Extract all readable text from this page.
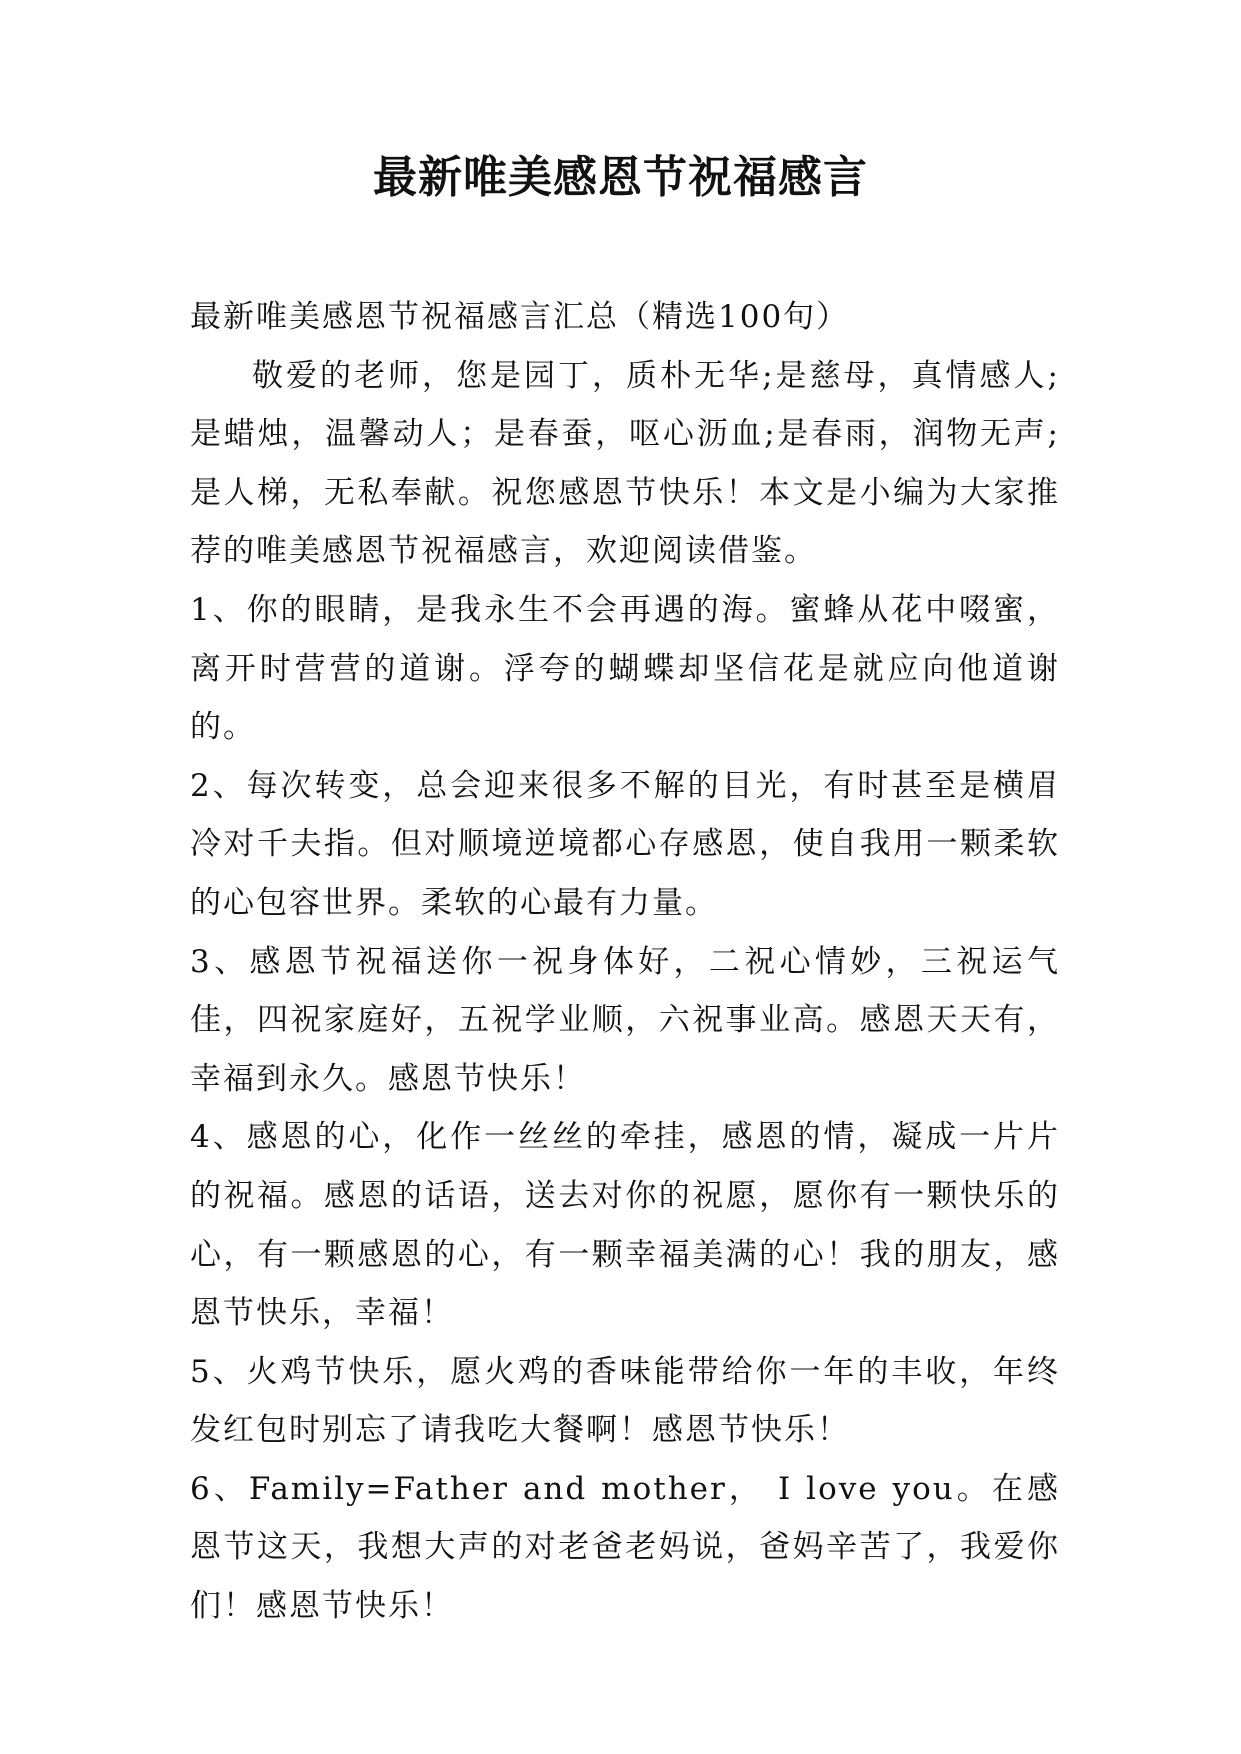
最新唯美感恩节祝福感言

最新唯美感恩节祝福感言汇总（精选100句）

敬爱的老师，您是园丁，质朴无华;是慈母，真情感人;是蜡烛，温馨动人；是春蚕，呕心沥血;是春雨，润物无声;是人梯，无私奉献。祝您感恩节快乐！本文是小编为大家推荐的唯美感恩节祝福感言，欢迎阅读借鉴。

1、你的眼睛，是我永生不会再遇的海。蜜蜂从花中啜蜜，离开时营营的道谢。浮夸的蝴蝶却坚信花是就应向他道谢的。

2、每次转变，总会迎来很多不解的目光，有时甚至是横眉冷对千夫指。但对顺境逆境都心存感恩，使自我用一颗柔软的心包容世界。柔软的心最有力量。

3、感恩节祝福送你一祝身体好，二祝心情妙，三祝运气佳，四祝家庭好，五祝学业顺，六祝事业高。感恩天天有，幸福到永久。感恩节快乐！

4、感恩的心，化作一丝丝的牵挂，感恩的情，凝成一片片的祝福。感恩的话语，送去对你的祝愿，愿你有一颗快乐的心，有一颗感恩的心，有一颗幸福美满的心！我的朋友，感恩节快乐，幸福！

5、火鸡节快乐，愿火鸡的香味能带给你一年的丰收，年终发红包时别忘了请我吃大餐啊！感恩节快乐！

6、Family=Father and mother， I love you。在感恩节这天，我想大声的对老爸老妈说，爸妈辛苦了，我爱你们！感恩节快乐！
